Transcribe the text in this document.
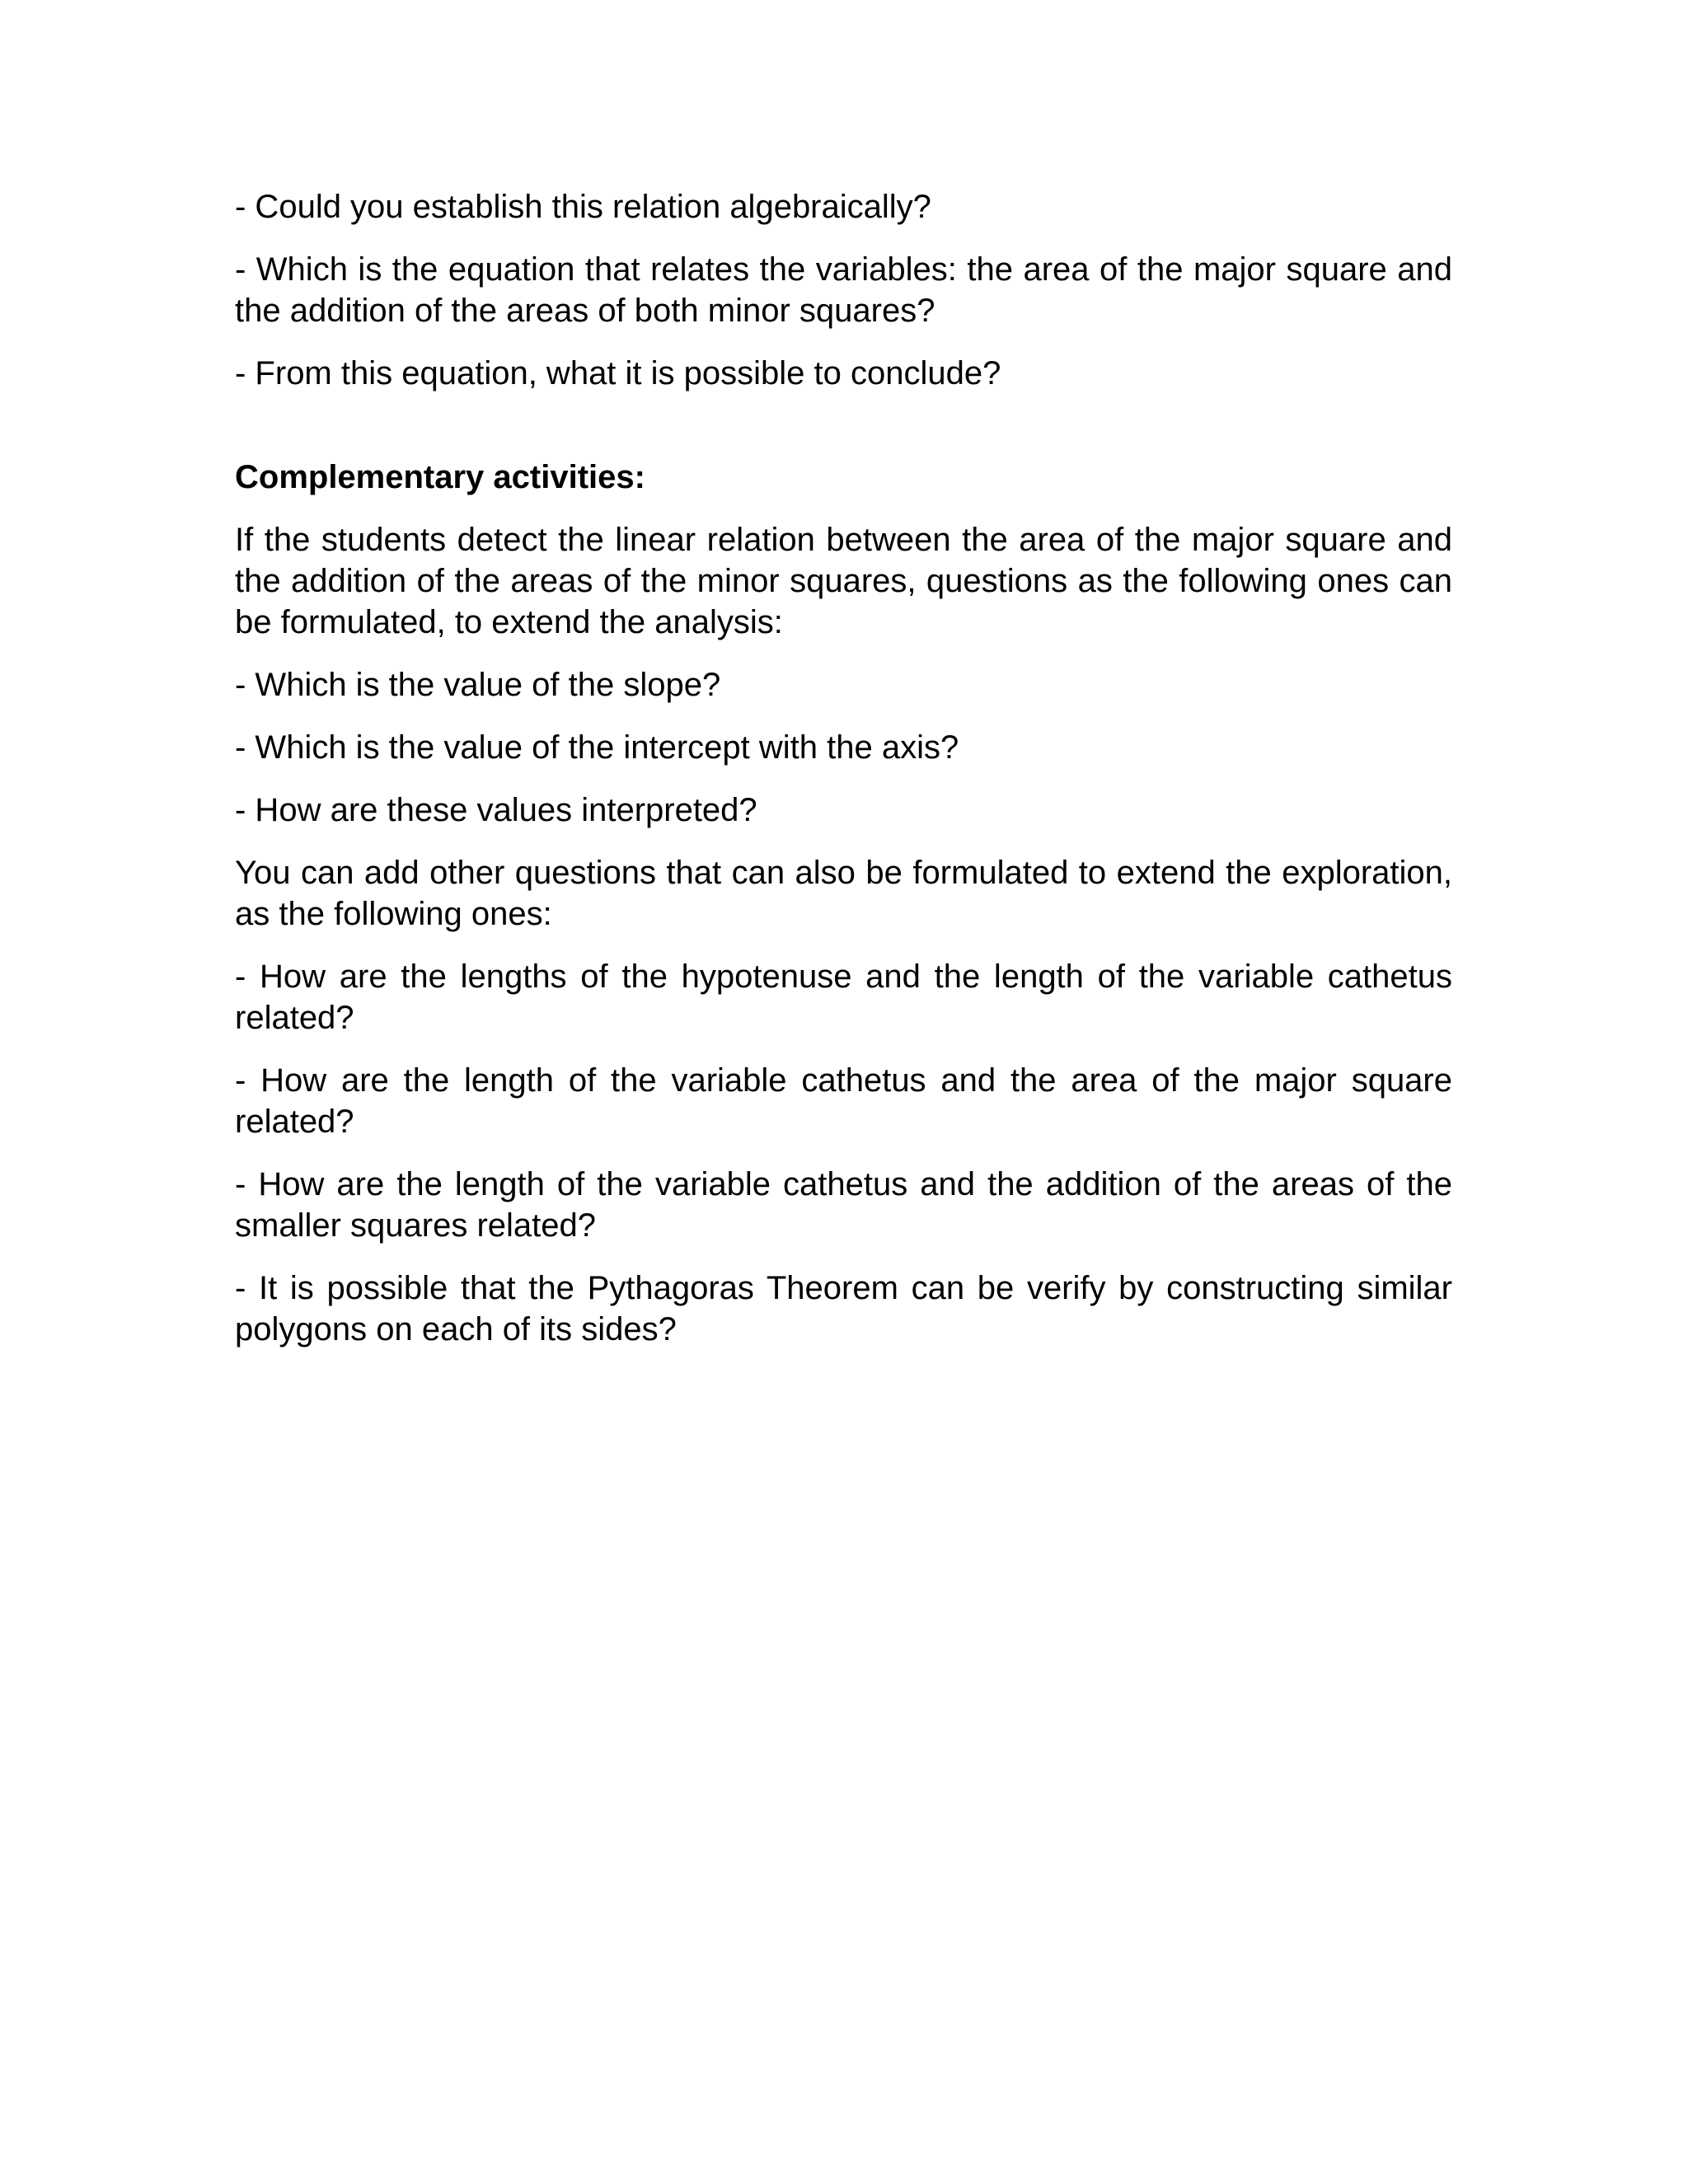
- Could you establish this relation algebraically?

- Which is the equation that relates the variables: the area of the major square and the addition of the areas of both minor squares?

- From this equation, what it is possible to conclude?

Complementary activities:

If the students detect the linear relation between the area of the major square and the addition of the areas of the minor squares, questions as the following ones can be formulated, to extend the analysis:

- Which is the value of the slope?

- Which is the value of the intercept with the axis?

- How are these values interpreted?

You can add other questions that can also be formulated to extend the exploration, as the following ones:

- How are the lengths of the hypotenuse and the length of the variable cathetus related?

- How are the length of the variable cathetus and the area of the major square related?

- How are the length of the variable cathetus and the addition of the areas of the smaller squares related?

- It is possible that the Pythagoras Theorem can be verify by constructing similar polygons on each of its sides?
